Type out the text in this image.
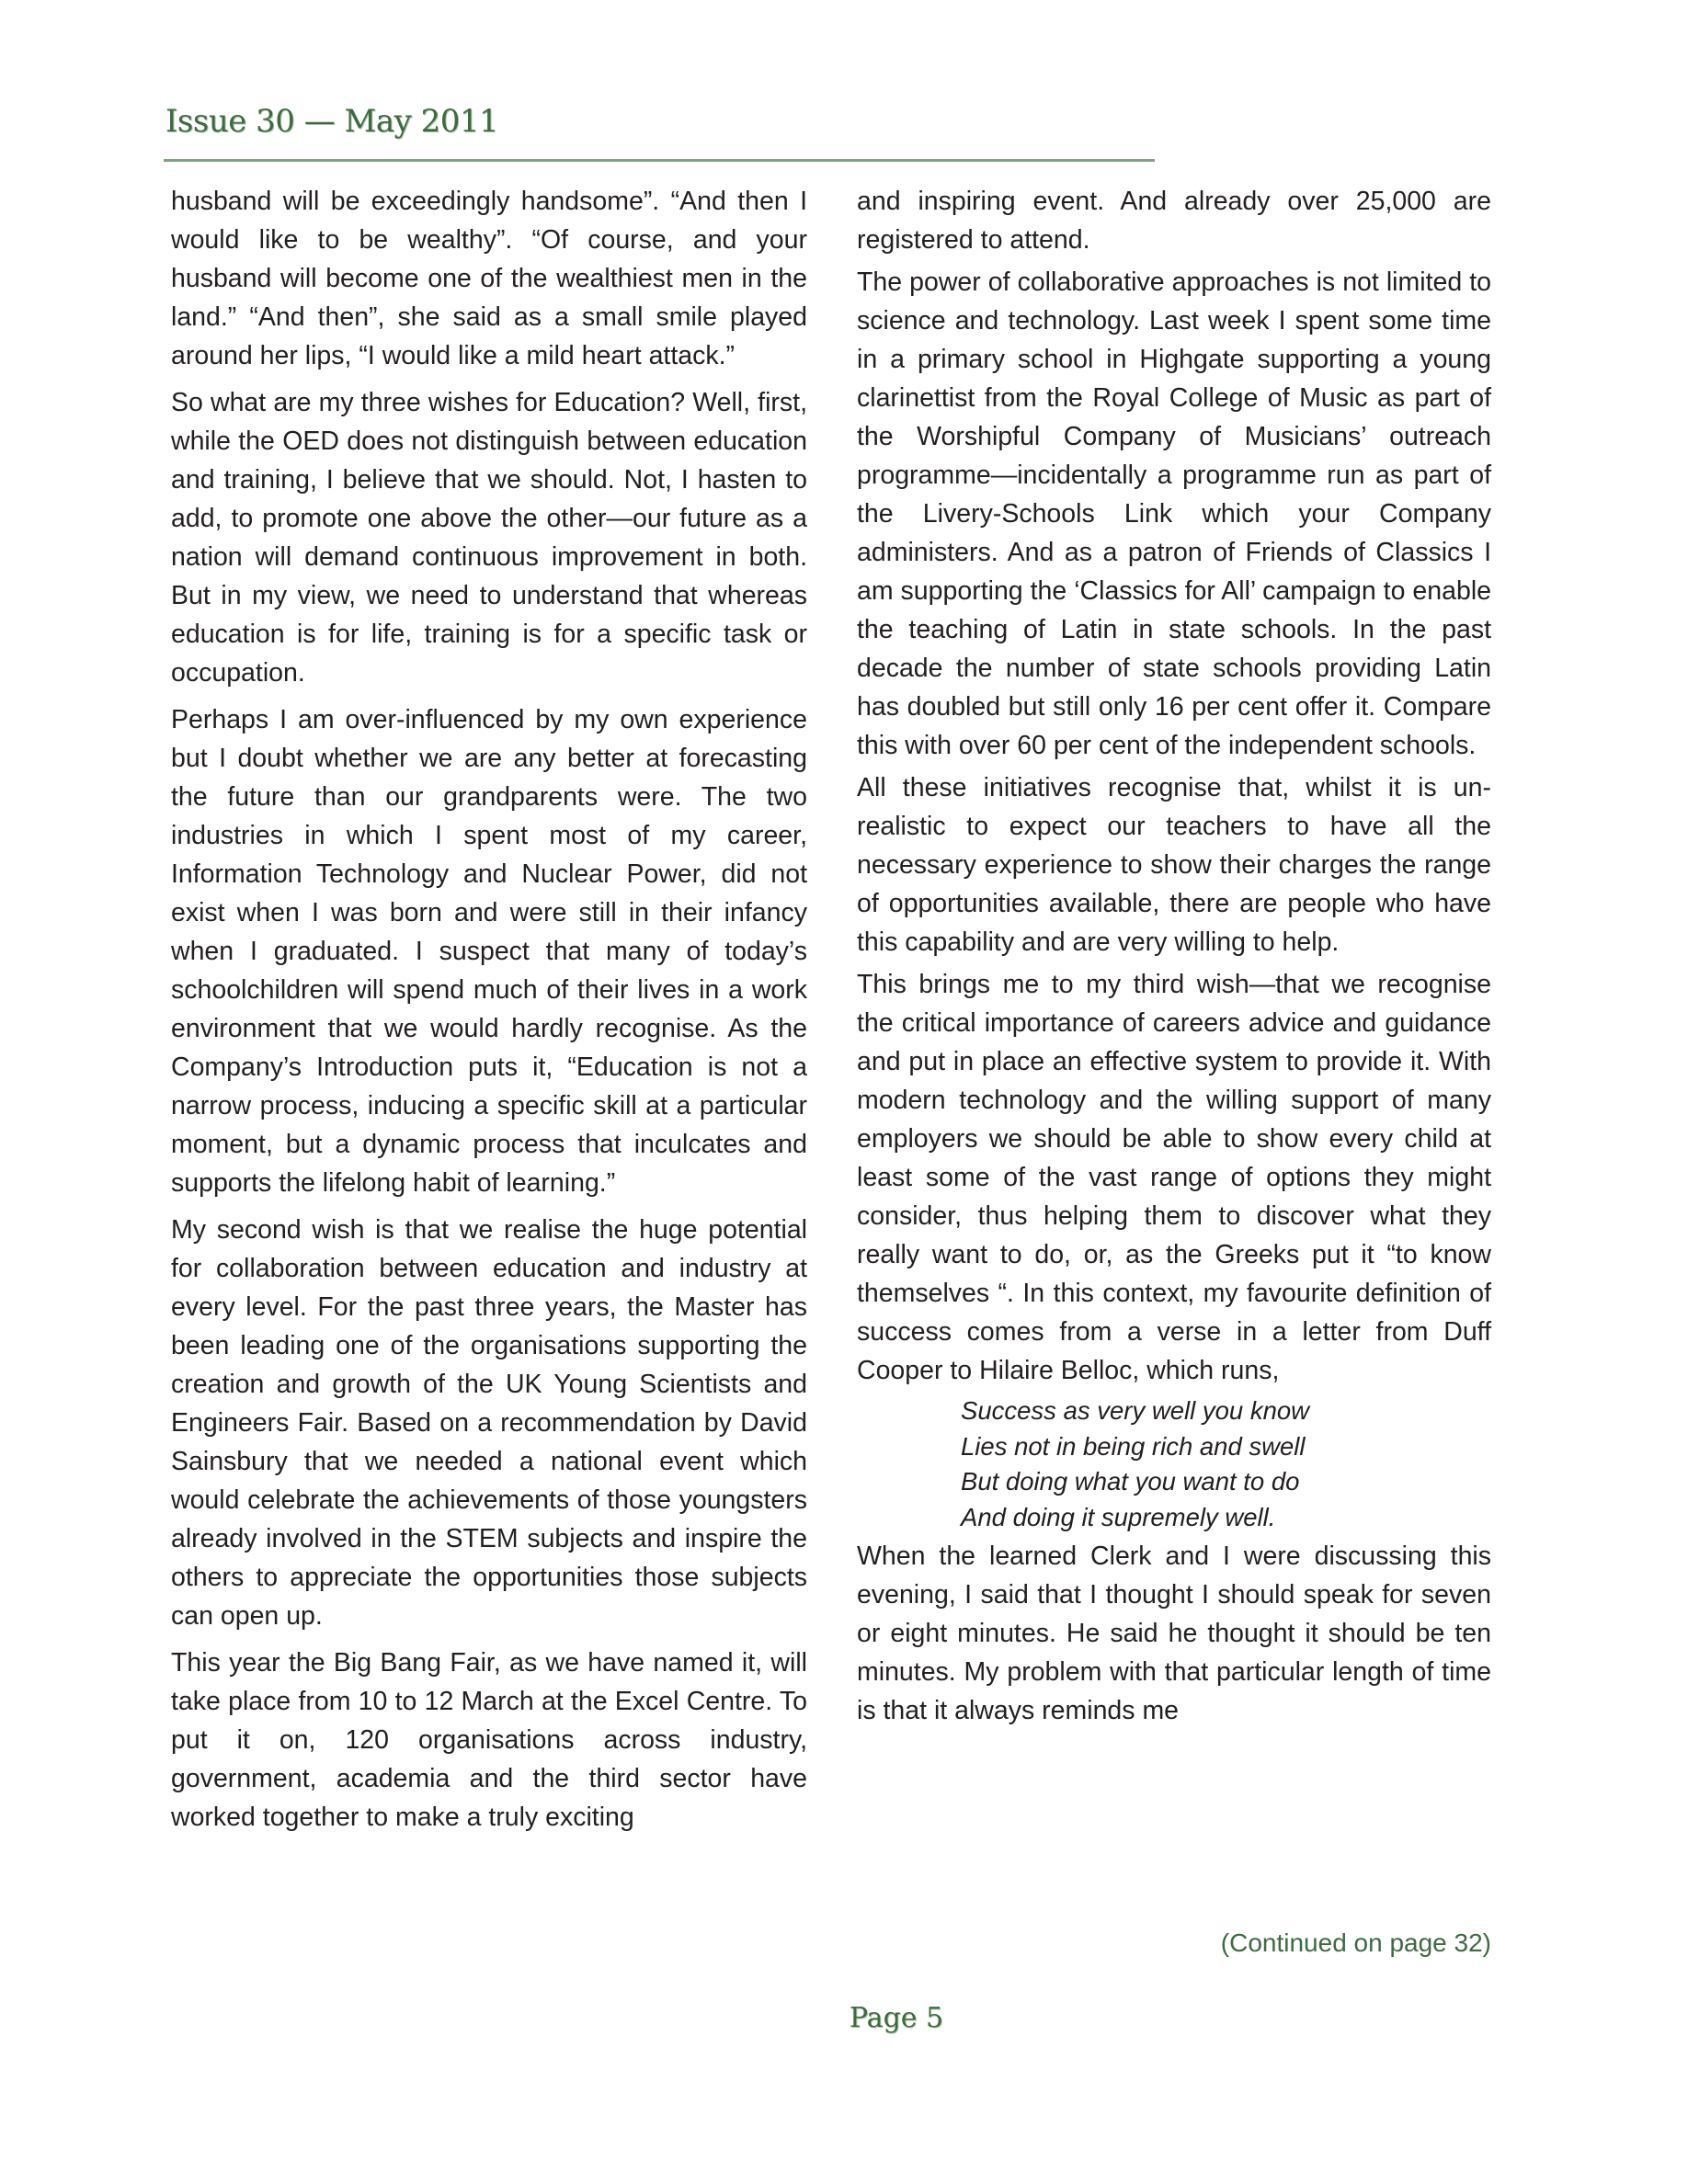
Issue 30 — May 2011

husband will be exceedingly handsome”. “And then I would like to be wealthy”. “Of course, and your husband will become one of the wealthiest men in the land.” “And then”, she said as a small smile played around her lips, “I would like a mild heart attack.”

So what are my three wishes for Education? Well, first, while the OED does not distinguish between education and training, I believe that we should. Not, I hasten to add, to promote one above the other—our future as a nation will demand continuous improvement in both. But in my view, we need to understand that whereas education is for life, training is for a specific task or occupation.

Perhaps I am over-influenced by my own experience but I doubt whether we are any better at forecasting the future than our grandparents were. The two industries in which I spent most of my career, Information Technology and Nuclear Power, did not exist when I was born and were still in their infancy when I graduated. I suspect that many of today’s schoolchildren will spend much of their lives in a work environment that we would hardly recognise. As the Company’s Introduction puts it, “Education is not a narrow process, inducing a specific skill at a particular moment, but a dynamic process that inculcates and supports the lifelong habit of learning.”

My second wish is that we realise the huge potential for collaboration between education and industry at every level. For the past three years, the Master has been leading one of the organisations supporting the creation and growth of the UK Young Scientists and Engineers Fair. Based on a recommendation by David Sainsbury that we needed a national event which would celebrate the achievements of those youngsters already involved in the STEM subjects and inspire the others to appreciate the opportunities those subjects can open up.

This year the Big Bang Fair, as we have named it, will take place from 10 to 12 March at the Excel Centre. To put it on, 120 organisations across industry, government, academia and the third sector have worked together to make a truly exciting

and inspiring event. And already over 25,000 are registered to attend.

The power of collaborative approaches is not limited to science and technology. Last week I spent some time in a primary school in Highgate supporting a young clarinettist from the Royal College of Music as part of the Worshipful Company of Musicians’ outreach programme—incidentally a programme run as part of the Livery-Schools Link which your Company administers. And as a patron of Friends of Classics I am supporting the ‘Classics for All’ campaign to enable the teaching of Latin in state schools. In the past decade the number of state schools providing Latin has doubled but still only 16 per cent offer it. Compare this with over 60 per cent of the independent schools.

All these initiatives recognise that, whilst it is unrealistic to expect our teachers to have all the necessary experience to show their charges the range of opportunities available, there are people who have this capability and are very willing to help.

This brings me to my third wish—that we recognise the critical importance of careers advice and guidance and put in place an effective system to provide it. With modern technology and the willing support of many employers we should be able to show every child at least some of the vast range of options they might consider, thus helping them to discover what they really want to do, or, as the Greeks put it “to know themselves “. In this context, my favourite definition of success comes from a verse in a letter from Duff Cooper to Hilaire Belloc, which runs,

Success as very well you know
Lies not in being rich and swell
But doing what you want to do
And doing it supremely well.

When the learned Clerk and I were discussing this evening, I said that I thought I should speak for seven or eight minutes. He said he thought it should be ten minutes. My problem with that particular length of time is that it always reminds me

(Continued on page 32)
Page 5
